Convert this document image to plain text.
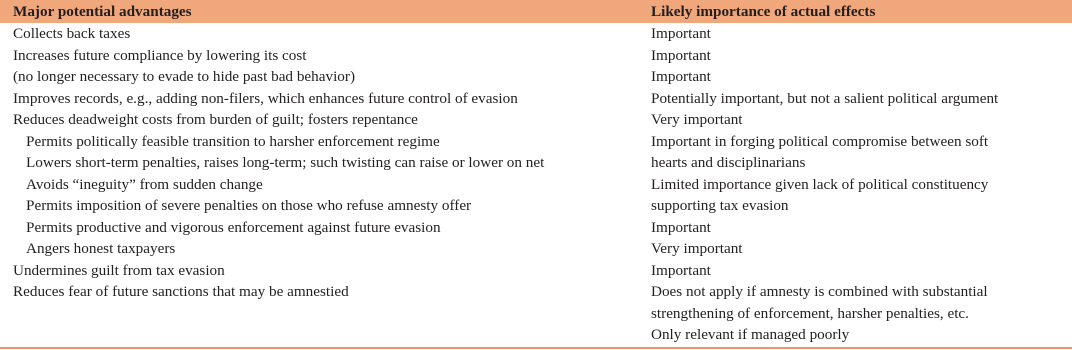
Major potential advantages	Likely importance of actual effects
Collects back taxes
Increases future compliance by lowering its cost
(no longer necessary to evade to hide past bad behavior)
Improves records, e.g., adding non-filers, which enhances future control of evasion
Reduces deadweight costs from burden of guilt; fosters repentance
Permits politically feasible transition to harsher enforcement regime
Lowers short-term penalties, raises long-term; such twisting can raise or lower on net
Avoids “ineguity” from sudden change
Permits imposition of severe penalties on those who refuse amnesty offer
Permits productive and vigorous enforcement against future evasion
Angers honest taxpayers
Undermines guilt from tax evasion
Reduces fear of future sanctions that may be amnestied
Important
Important
Important
Potentially important, but not a salient political argument
Very important
Important in forging political compromise between soft
hearts and disciplinarians
Limited importance given lack of political constituency
supporting tax evasion
Important
Very important
Important
Does not apply if amnesty is combined with substantial
strengthening of enforcement, harsher penalties, etc.
Only relevant if managed poorly
